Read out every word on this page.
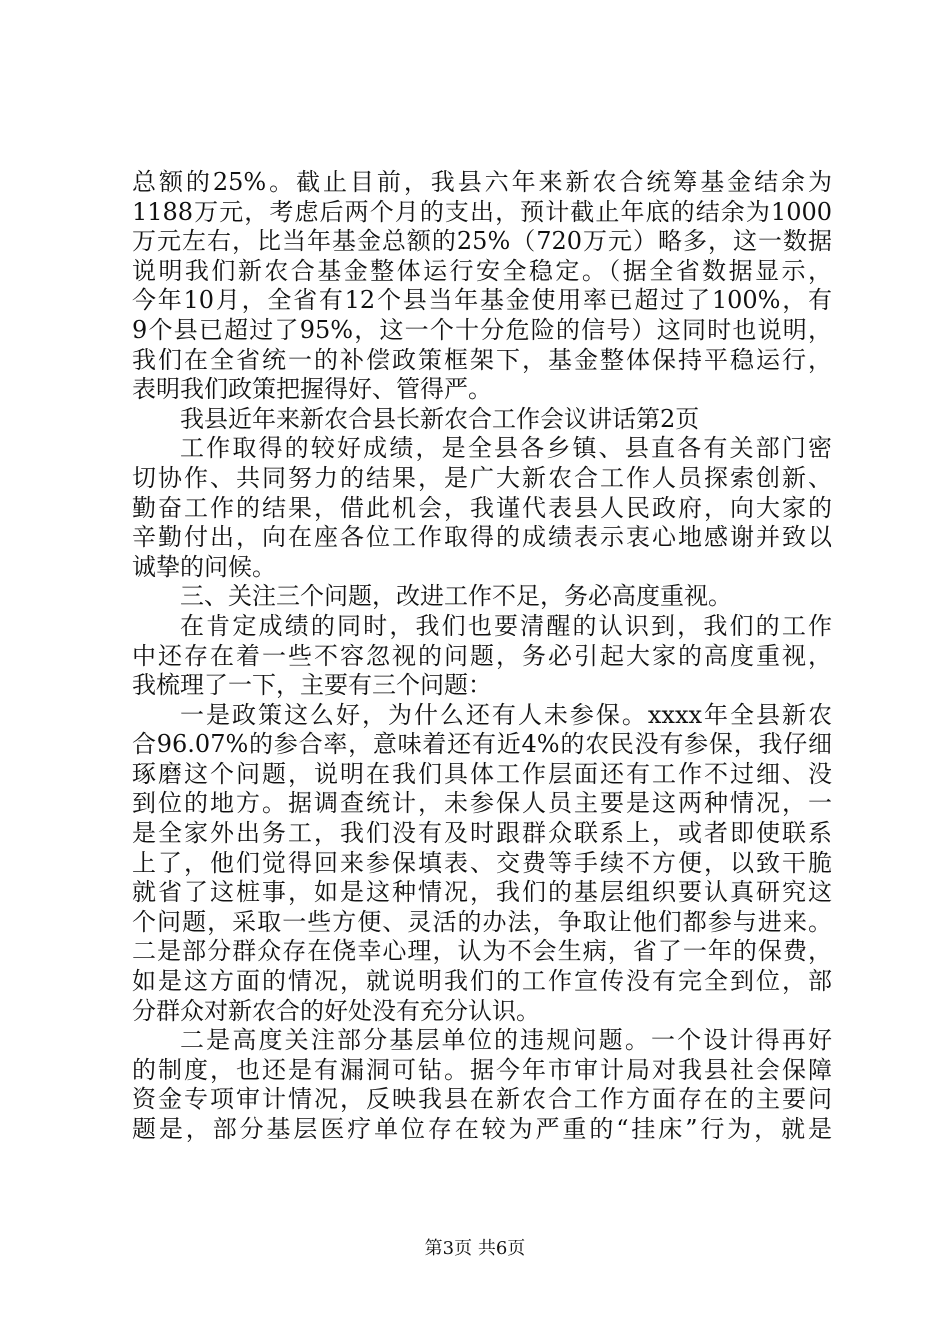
总额的25%。截止目前，我县六年来新农合统筹基金结余为
1188万元，考虑后两个月的支出，预计截止年底的结余为1000
万元左右，比当年基金总额的25%（720万元）略多，这一数据
说明我们新农合基金整体运行安全稳定。（据全省数据显示，
今年10月，全省有12个县当年基金使用率已超过了100%，有
9个县已超过了95%，这一个十分危险的信号）这同时也说明，
我们在全省统一的补偿政策框架下，基金整体保持平稳运行，
表明我们政策把握得好、管得严。
我县近年来新农合县长新农合工作会议讲话第2页
工作取得的较好成绩，是全县各乡镇、县直各有关部门密
切协作、共同努力的结果，是广大新农合工作人员探索创新、
勤奋工作的结果，借此机会，我谨代表县人民政府，向大家的
辛勤付出，向在座各位工作取得的成绩表示衷心地感谢并致以
诚挚的问候。
三、关注三个问题，改进工作不足，务必高度重视。
在肯定成绩的同时，我们也要清醒的认识到，我们的工作
中还存在着一些不容忽视的问题，务必引起大家的高度重视，
我梳理了一下，主要有三个问题：
一是政策这么好，为什么还有人未参保。xxxx年全县新农
合96.07%的参合率，意味着还有近4%的农民没有参保，我仔细
琢磨这个问题，说明在我们具体工作层面还有工作不过细、没
到位的地方。据调查统计，未参保人员主要是这两种情况，一
是全家外出务工，我们没有及时跟群众联系上，或者即使联系
上了，他们觉得回来参保填表、交费等手续不方便，以致干脆
就省了这桩事，如是这种情况，我们的基层组织要认真研究这
个问题，采取一些方便、灵活的办法，争取让他们都参与进来。
二是部分群众存在侥幸心理，认为不会生病，省了一年的保费，
如是这方面的情况，就说明我们的工作宣传没有完全到位，部
分群众对新农合的好处没有充分认识。
二是高度关注部分基层单位的违规问题。一个设计得再好
的制度，也还是有漏洞可钻。据今年市审计局对我县社会保障
资金专项审计情况，反映我县在新农合工作方面存在的主要问
题是，部分基层医疗单位存在较为严重的“挂床”行为，就是
第3页 共6页
